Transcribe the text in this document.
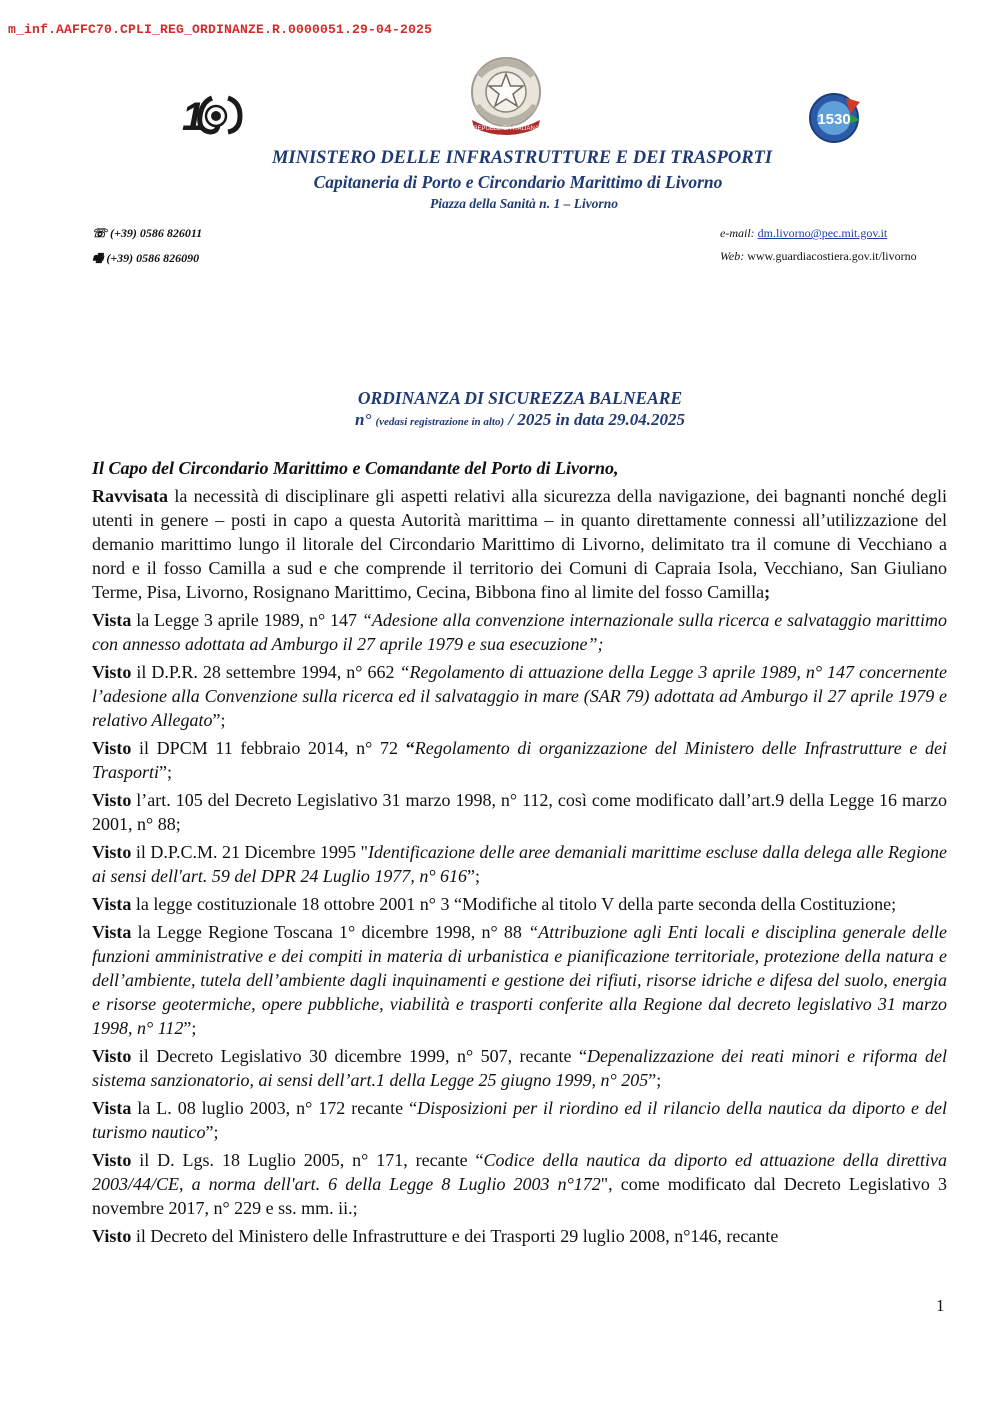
m_inf.AAFFC70.CPLI_REG_ORDINANZE.R.0000051.29-04-2025
1	REPUBBLICA ITALIANA
1530
MINISTERO DELLE INFRASTRUTTURE E DEI TRASPORTI
Capitaneria di Porto e Circondario Marittimo di Livorno
Piazza della Sanità n. 1 – Livorno
☏ (+39) 0586 826011
🖷 (+39) 0586 826090
e-mail: dm.livorno@pec.mit.gov.it
Web: www.guardiacostiera.gov.it/livorno
ORDINANZA DI SICUREZZA BALNEARE
n° (vedasi registrazione in alto) / 2025 in data 29.04.2025

Il Capo del Circondario Marittimo e Comandante del Porto di Livorno,

Ravvisata la necessità di disciplinare gli aspetti relativi alla sicurezza della navigazione, dei bagnanti nonché degli utenti in genere – posti in capo a questa Autorità marittima – in quanto direttamente connessi all’utilizzazione del demanio marittimo lungo il litorale del Circondario Marittimo di Livorno, delimitato tra il comune di Vecchiano a nord e il fosso Camilla a sud e che comprende il territorio dei Comuni di Capraia Isola, Vecchiano, San Giuliano Terme, Pisa, Livorno, Rosignano Marittimo, Cecina, Bibbona fino al limite del fosso Camilla;

Vista la Legge 3 aprile 1989, n° 147 “Adesione alla convenzione internazionale sulla ricerca e salvataggio marittimo con annesso adottata ad Amburgo il 27 aprile 1979 e sua esecuzione”;

Visto il D.P.R. 28 settembre 1994, n° 662 “Regolamento di attuazione della Legge 3 aprile 1989, n° 147 concernente l’adesione alla Convenzione sulla ricerca ed il salvataggio in mare (SAR 79) adottata ad Amburgo il 27 aprile 1979 e relativo Allegato”;

Visto il DPCM 11 febbraio 2014, n° 72 “Regolamento di organizzazione del Ministero delle Infrastrutture e dei Trasporti”;

Visto l’art. 105 del Decreto Legislativo 31 marzo 1998, n° 112, così come modificato dall’art.9 della Legge 16 marzo 2001, n° 88;

Visto il D.P.C.M. 21 Dicembre 1995 "Identificazione delle aree demaniali marittime escluse dalla delega alle Regione ai sensi dell'art. 59 del DPR 24 Luglio 1977, n° 616”;

Vista la legge costituzionale 18 ottobre 2001 n° 3 “Modifiche al titolo V della parte seconda della Costituzione;

Vista la Legge Regione Toscana 1° dicembre 1998, n° 88 “Attribuzione agli Enti locali e disciplina generale delle funzioni amministrative e dei compiti in materia di urbanistica e pianificazione territoriale, protezione della natura e dell’ambiente, tutela dell’ambiente dagli inquinamenti e gestione dei rifiuti, risorse idriche e difesa del suolo, energia e risorse geotermiche, opere pubbliche, viabilità e trasporti conferite alla Regione dal decreto legislativo 31 marzo 1998, n° 112”;

Visto il Decreto Legislativo 30 dicembre 1999, n° 507, recante “Depenalizzazione dei reati minori e riforma del sistema sanzionatorio, ai sensi dell’art.1 della Legge 25 giugno 1999, n° 205”;

Vista la L. 08 luglio 2003, n° 172 recante “Disposizioni per il riordino ed il rilancio della nautica da diporto e del turismo nautico”;

Visto il D. Lgs. 18 Luglio 2005, n° 171, recante “Codice della nautica da diporto ed attuazione della direttiva 2003/44/CE, a norma dell'art. 6 della Legge 8 Luglio 2003 n°172", come modificato dal Decreto Legislativo 3 novembre 2017, n° 229 e ss. mm. ii.;

Visto il Decreto del Ministero delle Infrastrutture e dei Trasporti 29 luglio 2008, n°146, recante

1
